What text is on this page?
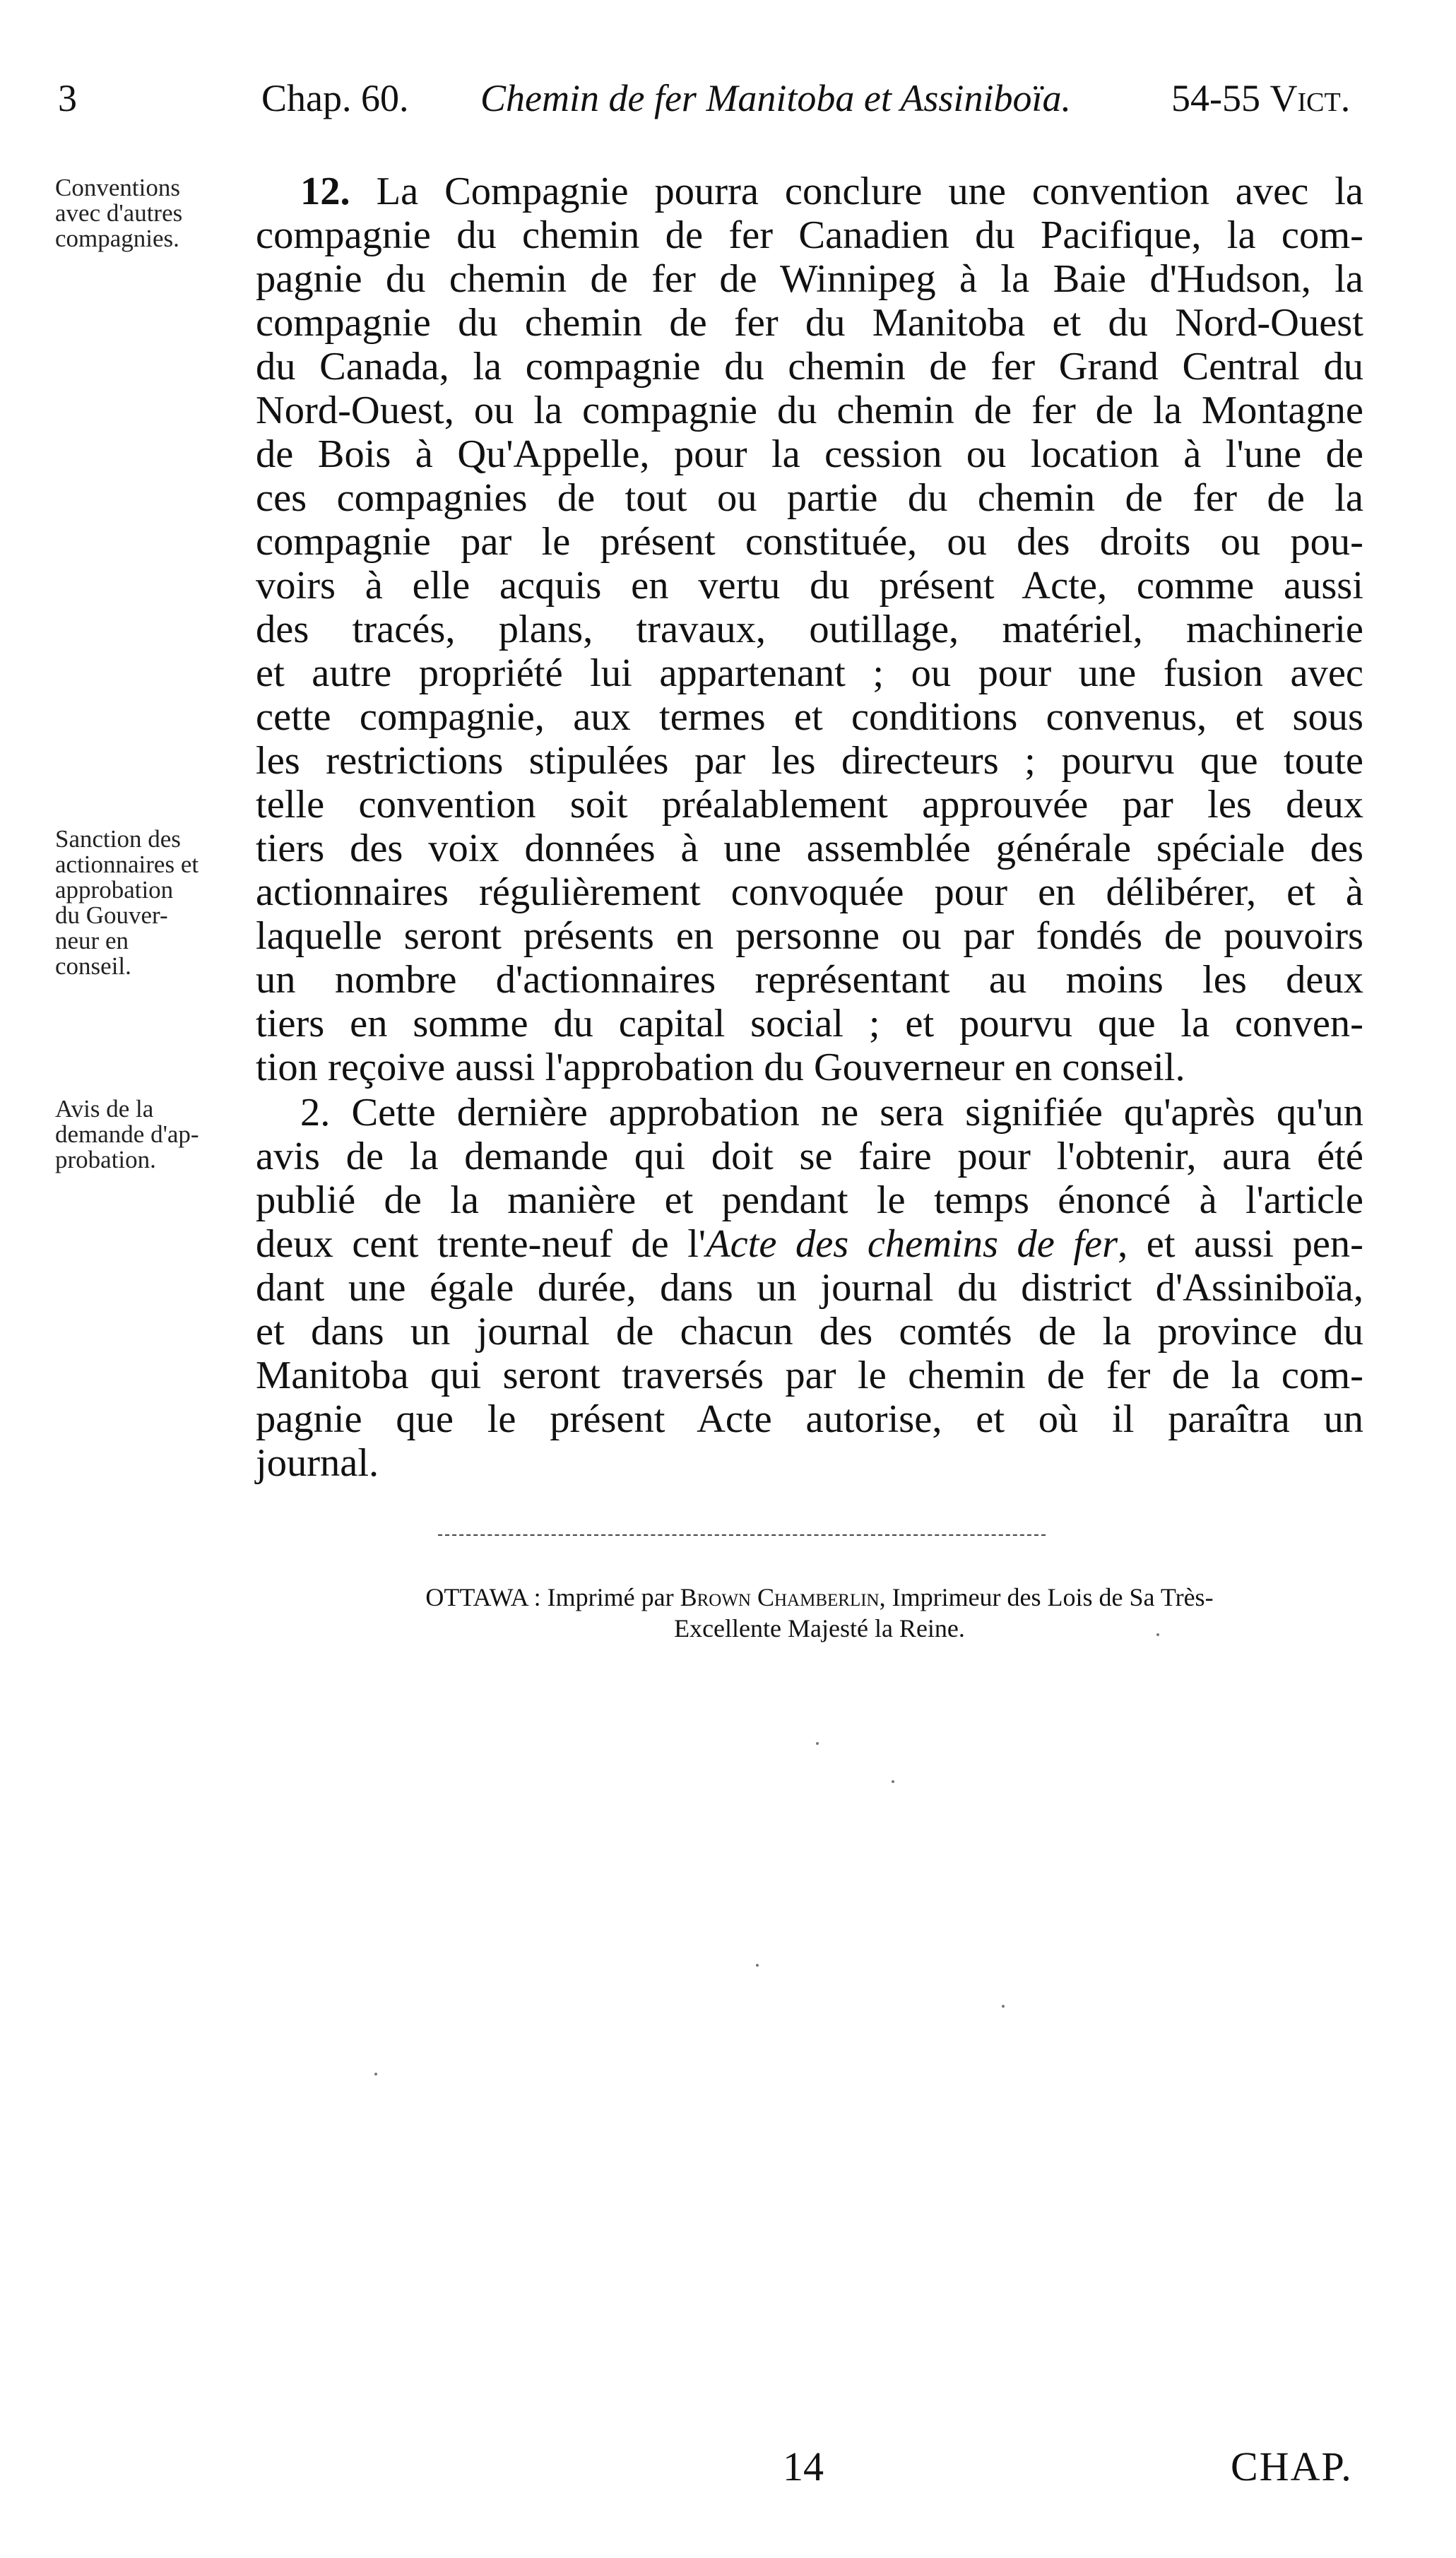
3	Chap. 60. Chemin de fer Manitoba et Assiniboïa.	54-55 Vict.
Conventions
avec d'autres
compagnies.
Sanction des
actionnaires et
approbation
du Gouver-
neur en
conseil.
Avis de la
demande d'ap-
probation.
12. La Compagnie pourra conclure une convention avec la
compagnie du chemin de fer Canadien du Pacifique, la com-
pagnie du chemin de fer de Winnipeg à la Baie d'Hudson, la
compagnie du chemin de fer du Manitoba et du Nord-Ouest
du Canada, la compagnie du chemin de fer Grand Central du
Nord-Ouest, ou la compagnie du chemin de fer de la Montagne
de Bois à Qu'Appelle, pour la cession ou location à l'une de
ces compagnies de tout ou partie du chemin de fer de la
compagnie par le présent constituée, ou des droits ou pou-
voirs à elle acquis en vertu du présent Acte, comme aussi
des tracés, plans, travaux, outillage, matériel, machinerie
et autre propriété lui appartenant ; ou pour une fusion avec
cette compagnie, aux termes et conditions convenus, et sous
les restrictions stipulées par les directeurs ; pourvu que toute
telle convention soit préalablement approuvée par les deux
tiers des voix données à une assemblée générale spéciale des
actionnaires régulièrement convoquée pour en délibérer, et à
laquelle seront présents en personne ou par fondés de pouvoirs
un nombre d'actionnaires représentant au moins les deux
tiers en somme du capital social ; et pourvu que la conven-
tion reçoive aussi l'approbation du Gouverneur en conseil.
2. Cette dernière approbation ne sera signifiée qu'après qu'un
avis de la demande qui doit se faire pour l'obtenir, aura été
publié de la manière et pendant le temps énoncé à l'article
deux cent trente-neuf de l'Acte des chemins de fer, et aussi pen-
dant une égale durée, dans un journal du district d'Assiniboïa,
et dans un journal de chacun des comtés de la province du
Manitoba qui seront traversés par le chemin de fer de la com-
pagnie que le présent Acte autorise, et où il paraîtra un
journal.
OTTAWA : Imprimé par Brown Chamberlin, Imprimeur des Lois de Sa Très-
Excellente Majesté la Reine.
14	CHAP.
